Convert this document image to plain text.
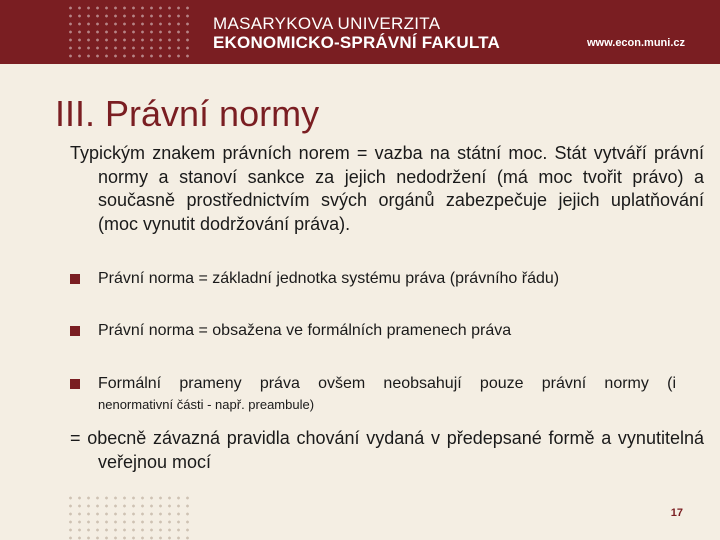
MASARYKOVA UNIVERZITA
EKONOMICKO-SPRÁVNÍ FAKULTA	www.econ.muni.cz
III. Právní normy

Typickým znakem právních norem = vazba na státní moc. Stát vytváří právní normy a stanoví sankce za jejich nedodržení (má moc tvořit právo) a současně prostřednictvím svých orgánů zabezpečuje jejich uplatňování (moc vynutit dodržování práva).

Právní norma = základní jednotka systému práva (právního řádu)
Právní norma = obsažena ve formálních pramenech práva
Formální prameny práva ovšem neobsahují pouze právní normy (i
nenormativní části - např. preambule)

= obecně závazná pravidla chování vydaná v předepsané formě a vynutitelná veřejnou mocí

17
